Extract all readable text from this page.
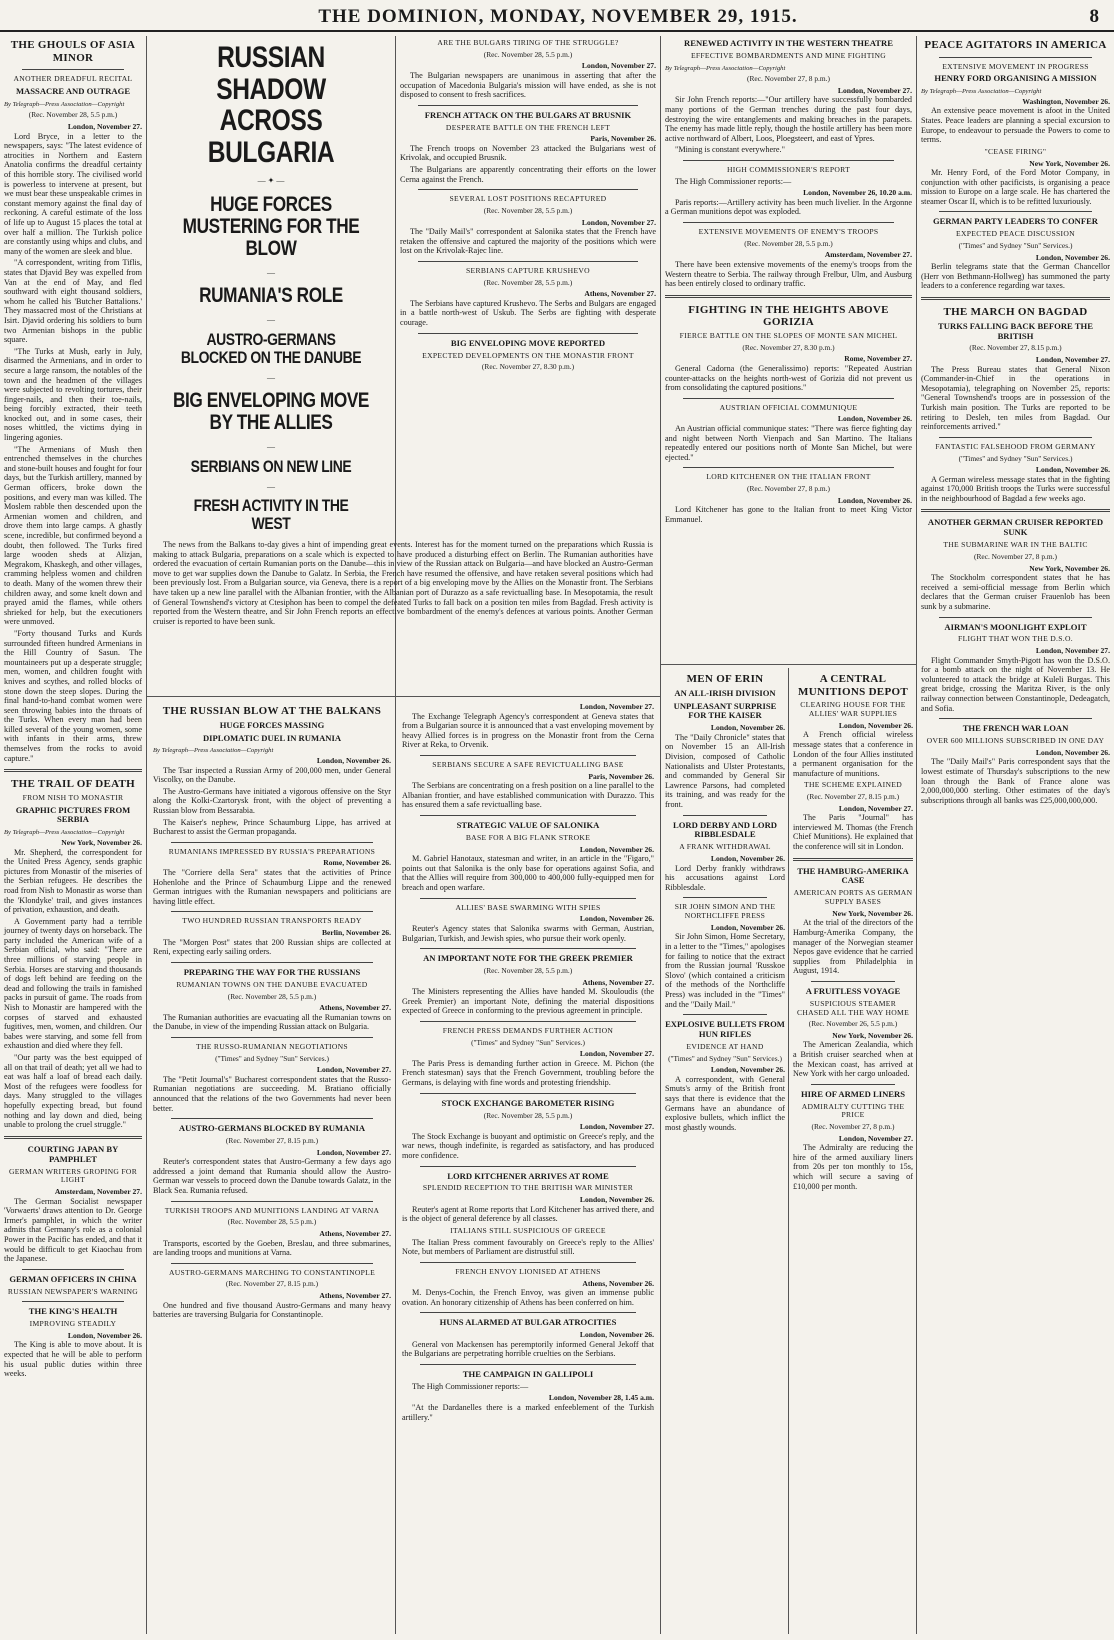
THE DOMINION, MONDAY, NOVEMBER 29, 1915.	8
THE GHOULS OF ASIA MINOR
ANOTHER DREADFUL RECITAL
MASSACRE AND OUTRAGE
By Telegraph—Press Association—Copyright
(Rec. November 28, 5.5 p.m.)
London, November 27.

Lord Bryce, in a letter to the newspapers, says: "The latest evidence of atrocities in Northern and Eastern Anatolia confirms the dreadful certainty of this horrible story. The civilised world is powerless to intervene at present, but we must bear these unspeakable crimes in constant memory against the final day of reckoning. A careful estimate of the loss of life up to August 15 places the total at over half a million. The Turkish police are constantly using whips and clubs, and many of the women are sleek and blue.

"A correspondent, writing from Tiflis, states that Djavid Bey was expelled from Van at the end of May, and fled southward with eight thousand soldiers, whom he called his 'Butcher Battalions.' They massacred most of the Christians at Isirt. Djavid ordering his soldiers to burn two Armenian bishops in the public square.

"The Turks at Mush, early in July, disarmed the Armenians, and in order to secure a large ransom, the notables of the town and the headmen of the villages were subjected to revolting tortures, their finger-nails, and then their toe-nails, being forcibly extracted, their teeth knocked out, and in some cases, their noses whittled, the victims dying in lingering agonies.

"The Armenians of Mush then entrenched themselves in the churches and stone-built houses and fought for four days, but the Turkish artillery, manned by German officers, broke down the positions, and every man was killed. The Moslem rabble then descended upon the Armenian women and children, and drove them into large camps. A ghastly scene, incredible, but confirmed beyond a doubt, then followed. The Turks fired large wooden sheds at Alizjan, Megrakom, Khaskegh, and other villages, cramming helpless women and children to death. Many of the women threw their children away, and some knelt down and prayed amid the flames, while others shrieked for help, but the executioners were unmoved.

"Forty thousand Turks and Kurds surrounded fifteen hundred Armenians in the Hill Country of Sasun. The mountaineers put up a desperate struggle; men, women, and children fought with knives and scythes, and rolled blocks of stone down the steep slopes. During the final hand-to-hand combat women were seen throwing babies into the throats of the Turks. When every man had been killed several of the young women, some with infants in their arms, threw themselves from the rocks to avoid capture."

THE TRAIL OF DEATH
FROM NISH TO MONASTIR
GRAPHIC PICTURES FROM SERBIA
By Telegraph—Press Association—Copyright
New York, November 26.

Mr. Shepherd, the correspondent for the United Press Agency, sends graphic pictures from Monastir of the miseries of the Serbian refugees. He describes the road from Nish to Monastir as worse than the 'Klondyke' trail, and gives instances of privation, exhaustion, and death.

A Government party had a terrible journey of twenty days on horseback. The party included the American wife of a Serbian official, who said: "There are three millions of starving people in Serbia. Horses are starving and thousands of dogs left behind are feeding on the dead and following the trails in famished packs in pursuit of game. The roads from Nish to Monastir are hampered with the corpses of starved and exhausted fugitives, men, women, and children. Our babes were starving, and some fell from exhaustion and died where they fell.

"Our party was the best equipped of all on that trail of death; yet all we had to eat was half a loaf of bread each daily. Most of the refugees were foodless for days. Many struggled to the villages hopefully expecting bread, but found nothing and lay down and died, being unable to prolong the cruel struggle."

COURTING JAPAN BY PAMPHLET
GERMAN WRITERS GROPING FOR LIGHT
Amsterdam, November 27.

The German Socialist newspaper 'Vorwaerts' draws attention to Dr. George Irmer's pamphlet, in which the writer admits that Germany's role as a colonial Power in the Pacific has ended, and that it would be difficult to get Kiaochau from the Japanese.

GERMAN OFFICERS IN CHINA
RUSSIAN NEWSPAPER'S WARNING
THE KING'S HEALTH
IMPROVING STEADILY
London, November 26.

The King is able to move about. It is expected that he will be able to perform his usual public duties within three weeks.

RUSSIAN SHADOW ACROSS BULGARIA
— ✦ —
HUGE FORCES MUSTERING FOR THE BLOW
—
RUMANIA'S ROLE
—
AUSTRO-GERMANS BLOCKED ON THE DANUBE
—
BIG ENVELOPING MOVE BY THE ALLIES
—
SERBIANS ON NEW LINE
—
FRESH ACTIVITY IN THE WEST

The news from the Balkans to-day gives a hint of impending great events. Interest has for the moment turned on the preparations which Russia is making to attack Bulgaria, preparations on a scale which is expected to have produced a disturbing effect on Berlin. The Rumanian authorities have ordered the evacuation of certain Rumanian ports on the Danube—this in view of the Russian attack on Bulgaria—and have blocked an Austro-German move to get war supplies down the Danube to Galatz. In Serbia, the French have resumed the offensive, and have retaken several positions which had been previously lost. From a Bulgarian source, via Geneva, there is a report of a big enveloping move by the Allies on the Monastir front. The Serbians have taken up a new line parallel with the Albanian frontier, with the Albanian port of Durazzo as a safe revictualling base. In Mesopotamia, the result of General Townshend's victory at Ctesiphon has been to compel the defeated Turks to fall back on a position ten miles from Bagdad. Fresh activity is reported from the Western theatre, and Sir John French reports an effective bombardment of the enemy's defences at various points. Another German cruiser is reported to have been sunk.

THE RUSSIAN BLOW AT THE BALKANS
HUGE FORCES MASSING
DIPLOMATIC DUEL IN RUMANIA
By Telegraph—Press Association—Copyright
London, November 26.

The Tsar inspected a Russian Army of 200,000 men, under General Viscolky, on the Danube.

The Austro-Germans have initiated a vigorous offensive on the Styr along the Kolki-Czartorysk front, with the object of preventing a Russian blow from Bessarabia.

The Kaiser's nephew, Prince Schaumburg Lippe, has arrived at Bucharest to assist the German propaganda.

RUMANIANS IMPRESSED BY RUSSIA'S PREPARATIONS
Rome, November 26.

The "Corriere della Sera" states that the activities of Prince Hohenlohe and the Prince of Schaumburg Lippe and the renewed German intrigues with the Rumanian newspapers and politicians are having little effect.

TWO HUNDRED RUSSIAN TRANSPORTS READY
Berlin, November 26.

The "Morgen Post" states that 200 Russian ships are collected at Reni, expecting early sailing orders.

PREPARING THE WAY FOR THE RUSSIANS
RUMANIAN TOWNS ON THE DANUBE EVACUATED
(Rec. November 28, 5.5 p.m.)
Athens, November 27.

The Rumanian authorities are evacuating all the Rumanian towns on the Danube, in view of the impending Russian attack on Bulgaria.

THE RUSSO-RUMANIAN NEGOTIATIONS
("Times" and Sydney "Sun" Services.)
London, November 27.

The "Petit Journal's" Bucharest correspondent states that the Russo-Rumanian negotiations are succeeding. M. Bratiano officially announced that the relations of the two Governments had never been better.

AUSTRO-GERMANS BLOCKED BY RUMANIA
(Rec. November 27, 8.15 p.m.)
London, November 27.

Reuter's correspondent states that Austro-Germany a few days ago addressed a joint demand that Rumania should allow the Austro-German war vessels to proceed down the Danube towards Galatz, in the Black Sea. Rumania refused.

TURKISH TROOPS AND MUNITIONS LANDING AT VARNA
(Rec. November 28, 5.5 p.m.)
Athens, November 27.

Transports, escorted by the Goeben, Breslau, and three submarines, are landing troops and munitions at Varna.

AUSTRO-GERMANS MARCHING TO CONSTANTINOPLE
(Rec. November 27, 8.15 p.m.)
Athens, November 27.

One hundred and five thousand Austro-Germans and many heavy batteries are traversing Bulgaria for Constantinople.

ARE THE BULGARS TIRING OF THE STRUGGLE?
(Rec. November 28, 5.5 p.m.)
London, November 27.

The Bulgarian newspapers are unanimous in asserting that after the occupation of Macedonia Bulgaria's mission will have ended, as she is not disposed to consent to fresh sacrifices.

FRENCH ATTACK ON THE BULGARS AT BRUSNIK
DESPERATE BATTLE ON THE FRENCH LEFT
Paris, November 26.

The French troops on November 23 attacked the Bulgarians west of Krivolak, and occupied Brusnik.

The Bulgarians are apparently concentrating their efforts on the lower Cerna against the French.

SEVERAL LOST POSITIONS RECAPTURED
(Rec. November 28, 5.5 p.m.)
London, November 27.

The "Daily Mail's" correspondent at Salonika states that the French have retaken the offensive and captured the majority of the positions which were lost on the Krivolak-Rajec line.

SERBIANS CAPTURE KRUSHEVO
(Rec. November 28, 5.5 p.m.)
Athens, November 27.

The Serbians have captured Krushevo. The Serbs and Bulgars are engaged in a battle north-west of Uskub. The Serbs are fighting with desperate courage.

BIG ENVELOPING MOVE REPORTED
EXPECTED DEVELOPMENTS ON THE MONASTIR FRONT
(Rec. November 27, 8.30 p.m.)
London, November 27.

The Exchange Telegraph Agency's correspondent at Geneva states that from a Bulgarian source it is announced that a vast enveloping movement by heavy Allied forces is in progress on the Monastir front from the Cerna River at Reka, to Orvenik.

SERBIANS SECURE A SAFE REVICTUALLING BASE
Paris, November 26.

The Serbians are concentrating on a fresh position on a line parallel to the Albanian frontier, and have established communication with Durazzo. This has ensured them a safe revictualling base.

STRATEGIC VALUE OF SALONIKA
BASE FOR A BIG FLANK STROKE
London, November 26.

M. Gabriel Hanotaux, statesman and writer, in an article in the "Figaro," points out that Salonika is the only base for operations against Sofia, and that the Allies will require from 300,000 to 400,000 fully-equipped men for breach and open warfare.

ALLIES' BASE SWARMING WITH SPIES
London, November 26.

Reuter's Agency states that Salonika swarms with German, Austrian, Bulgarian, Turkish, and Jewish spies, who pursue their work openly.

AN IMPORTANT NOTE FOR THE GREEK PREMIER
(Rec. November 28, 5.5 p.m.)
Athens, November 27.

The Ministers representing the Allies have handed M. Skouloudis (the Greek Premier) an important Note, defining the material dispositions expected of Greece in conforming to the previous agreement in principle.

FRENCH PRESS DEMANDS FURTHER ACTION
("Times" and Sydney "Sun" Services.)
London, November 27.

The Paris Press is demanding further action in Greece. M. Pichon (the French statesman) says that the French Government, troubling before the Germans, is delaying with fine words and protesting friendship.

STOCK EXCHANGE BAROMETER RISING
(Rec. November 28, 5.5 p.m.)
London, November 27.

The Stock Exchange is buoyant and optimistic on Greece's reply, and the war news, though indefinite, is regarded as satisfactory, and has produced more confidence.

LORD KITCHENER ARRIVES AT ROME
SPLENDID RECEPTION TO THE BRITISH WAR MINISTER
London, November 26.

Reuter's agent at Rome reports that Lord Kitchener has arrived there, and is the object of general deference by all classes.

ITALIANS STILL SUSPICIOUS OF GREECE

The Italian Press comment favourably on Greece's reply to the Allies' Note, but members of Parliament are distrustful still.

FRENCH ENVOY LIONISED AT ATHENS
Athens, November 26.

M. Denys-Cochin, the French Envoy, was given an immense public ovation. An honorary citizenship of Athens has been conferred on him.

HUNS ALARMED AT BULGAR ATROCITIES
London, November 26.

General von Mackensen has peremptorily informed General Jekoff that the Bulgarians are perpetrating horrible cruelties on the Serbians.

THE CAMPAIGN IN GALLIPOLI

The High Commissioner reports:—

London, November 28, 1.45 a.m.

"At the Dardanelles there is a marked enfeeblement of the Turkish artillery."

RENEWED ACTIVITY IN THE WESTERN THEATRE
EFFECTIVE BOMBARDMENTS AND MINE FIGHTING
By Telegraph—Press Association—Copyright
(Rec. November 27, 8 p.m.)
London, November 27.

Sir John French reports:—"Our artillery have successfully bombarded many portions of the German trenches during the past four days, destroying the wire entanglements and making breaches in the parapets. The enemy has made little reply, though the hostile artillery has been more active northward of Albert, Loos, Ploegsteert, and east of Ypres.

"Mining is constant everywhere."

HIGH COMMISSIONER'S REPORT

The High Commissioner reports:—

London, November 26, 10.20 a.m.

Paris reports:—Artillery activity has been much livelier. In the Argonne a German munitions depot was exploded.

EXTENSIVE MOVEMENTS OF ENEMY'S TROOPS
(Rec. November 28, 5.5 p.m.)
Amsterdam, November 27.

There have been extensive movements of the enemy's troops from the Western theatre to Serbia. The railway through Frelbur, Ulm, and Ausburg has been entirely closed to ordinary traffic.

FIGHTING IN THE HEIGHTS ABOVE GORIZIA
FIERCE BATTLE ON THE SLOPES OF MONTE SAN MICHEL
(Rec. November 27, 8.30 p.m.)
Rome, November 27.

General Cadorna (the Generalissimo) reports: "Repeated Austrian counter-attacks on the heights north-west of Gorizia did not prevent us from consolidating the captured positions."

AUSTRIAN OFFICIAL COMMUNIQUE
London, November 26.

An Austrian official communique states: "There was fierce fighting day and night between North Vienpach and San Martino. The Italians repeatedly entered our positions north of Monte San Michel, but were ejected."

LORD KITCHENER ON THE ITALIAN FRONT
(Rec. November 27, 8 p.m.)
London, November 26.

Lord Kitchener has gone to the Italian front to meet King Victor Emmanuel.

MEN OF ERIN
AN ALL-IRISH DIVISION
UNPLEASANT SURPRISE FOR THE KAISER
London, November 26.

The "Daily Chronicle" states that on November 15 an All-Irish Division, composed of Catholic Nationalists and Ulster Protestants, and commanded by General Sir Lawrence Parsons, had completed its training, and was ready for the front.

LORD DERBY AND LORD RIBBLESDALE
A FRANK WITHDRAWAL
London, November 26.

Lord Derby frankly withdraws his accusations against Lord Ribblesdale.

SIR JOHN SIMON AND THE NORTHCLIFFE PRESS
London, November 26.

Sir John Simon, Home Secretary, in a letter to the "Times," apologises for failing to notice that the extract from the Russian journal 'Russkoe Slovo' (which contained a criticism of the methods of the Northcliffe Press) was included in the "Times" and the "Daily Mail."

EXPLOSIVE BULLETS FROM HUN RIFLES
EVIDENCE AT HAND
("Times" and Sydney "Sun" Services.)
London, November 26.

A correspondent, with General Smuts's army of the British front says that there is evidence that the Germans have an abundance of explosive bullets, which inflict the most ghastly wounds.

A CENTRAL MUNITIONS DEPOT
CLEARING HOUSE FOR THE ALLIES' WAR SUPPLIES
London, November 26.

A French official wireless message states that a conference in London of the four Allies instituted a permanent organisation for the manufacture of munitions.

THE SCHEME EXPLAINED
(Rec. November 27, 8.15 p.m.)
London, November 27.

The Paris "Journal" has interviewed M. Thomas (the French Chief Munitions). He explained that the conference will sit in London.

THE HAMBURG-AMERIKA CASE
AMERICAN PORTS AS GERMAN SUPPLY BASES
New York, November 26.

At the trial of the directors of the Hamburg-Amerika Company, the manager of the Norwegian steamer Nepos gave evidence that he carried supplies from Philadelphia in August, 1914.

A FRUITLESS VOYAGE
SUSPICIOUS STEAMER CHASED ALL THE WAY HOME
(Rec. November 26, 5.5 p.m.)
New York, November 26.

The American Zealandia, which a British cruiser searched when at the Mexican coast, has arrived at New York with her cargo unloaded.

HIRE OF ARMED LINERS
ADMIRALTY CUTTING THE PRICE
(Rec. November 27, 8 p.m.)
London, November 27.

The Admiralty are reducing the hire of the armed auxiliary liners from 20s per ton monthly to 15s, which will secure a saving of £10,000 per month.

PEACE AGITATORS IN AMERICA
EXTENSIVE MOVEMENT IN PROGRESS
HENRY FORD ORGANISING A MISSION
By Telegraph—Press Association—Copyright
Washington, November 26.

An extensive peace movement is afoot in the United States. Peace leaders are planning a special excursion to Europe, to endeavour to persuade the Powers to come to terms.

"CEASE FIRING"
New York, November 26.

Mr. Henry Ford, of the Ford Motor Company, in conjunction with other pacificists, is organising a peace mission to Europe on a large scale. He has chartered the steamer Oscar II, which is to be refitted luxuriously.

GERMAN PARTY LEADERS TO CONFER
EXPECTED PEACE DISCUSSION
("Times" and Sydney "Sun" Services.)
London, November 26.

Berlin telegrams state that the German Chancellor (Herr von Bethmann-Hollweg) has summoned the party leaders to a conference regarding war taxes.

THE MARCH ON BAGDAD
TURKS FALLING BACK BEFORE THE BRITISH
(Rec. November 27, 8.15 p.m.)
London, November 27.

The Press Bureau states that General Nixon (Commander-in-Chief in the operations in Mesopotamia), telegraphing on November 25, reports: "General Townshend's troops are in possession of the Turkish main position. The Turks are reported to be retiring to Desleh, ten miles from Bagdad. Our reinforcements arrived."

FANTASTIC FALSEHOOD FROM GERMANY
("Times" and Sydney "Sun" Services.)
London, November 26.

A German wireless message states that in the fighting against 170,000 British troops the Turks were successful in the neighbourhood of Bagdad a few weeks ago.

ANOTHER GERMAN CRUISER REPORTED SUNK
THE SUBMARINE WAR IN THE BALTIC
(Rec. November 27, 8 p.m.)
New York, November 26.

The Stockholm correspondent states that he has received a semi-official message from Berlin which declares that the German cruiser Frauenlob has been sunk by a submarine.

AIRMAN'S MOONLIGHT EXPLOIT
FLIGHT THAT WON THE D.S.O.
London, November 27.

Flight Commander Smyth-Pigott has won the D.S.O. for a bomb attack on the night of November 13. He volunteered to attack the bridge at Kuleli Burgas. This great bridge, crossing the Maritza River, is the only railway connection between Constantinople, Dedeagatch, and Sofia.

THE FRENCH WAR LOAN
OVER 600 MILLIONS SUBSCRIBED IN ONE DAY
London, November 26.

The "Daily Mail's" Paris correspondent says that the lowest estimate of Thursday's subscriptions to the new loan through the Bank of France alone was 2,000,000,000 sterling. Other estimates of the day's subscriptions through all banks was £25,000,000,000.
